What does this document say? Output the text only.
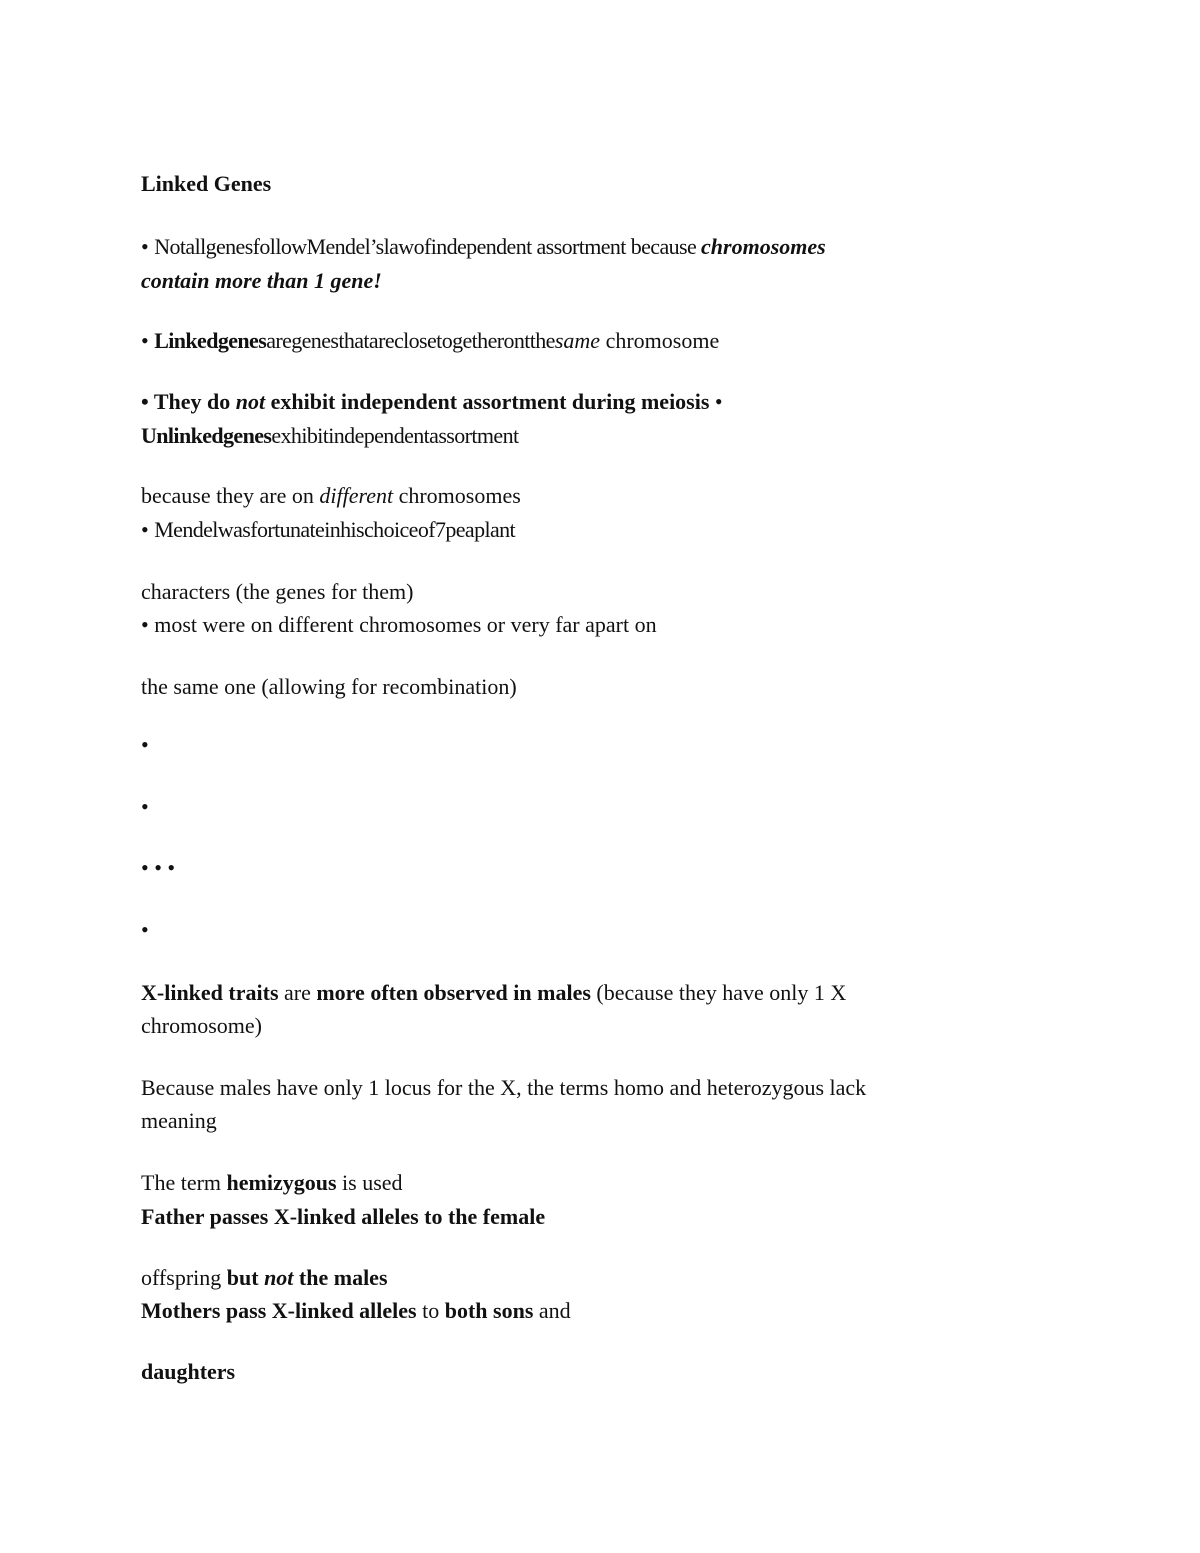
Linked Genes
• NotallgenesfollowMendel’slawofindependent assortment because chromosomes
contain more than 1 gene!
• Linkedgenesaregenesthatareclosetogetherontthesame chromosome
• They do not exhibit independent assortment during meiosis •
Unlinkedgenesexhibitindependentassortment
because they are on different chromosomes
• Mendelwasfortunateinhischoiceof7peaplant
characters (the genes for them)
• most were on different chromosomes or very far apart on
the same one (allowing for recombination)
•
•
• • •
•
X-linked traits are more often observed in males (because they have only 1 X
chromosome)
Because males have only 1 locus for the X, the terms homo and heterozygous lack
meaning
The term hemizygous is used
Father passes X-linked alleles to the female
offspring but not the males
Mothers pass X-linked alleles to both sons and
daughters
